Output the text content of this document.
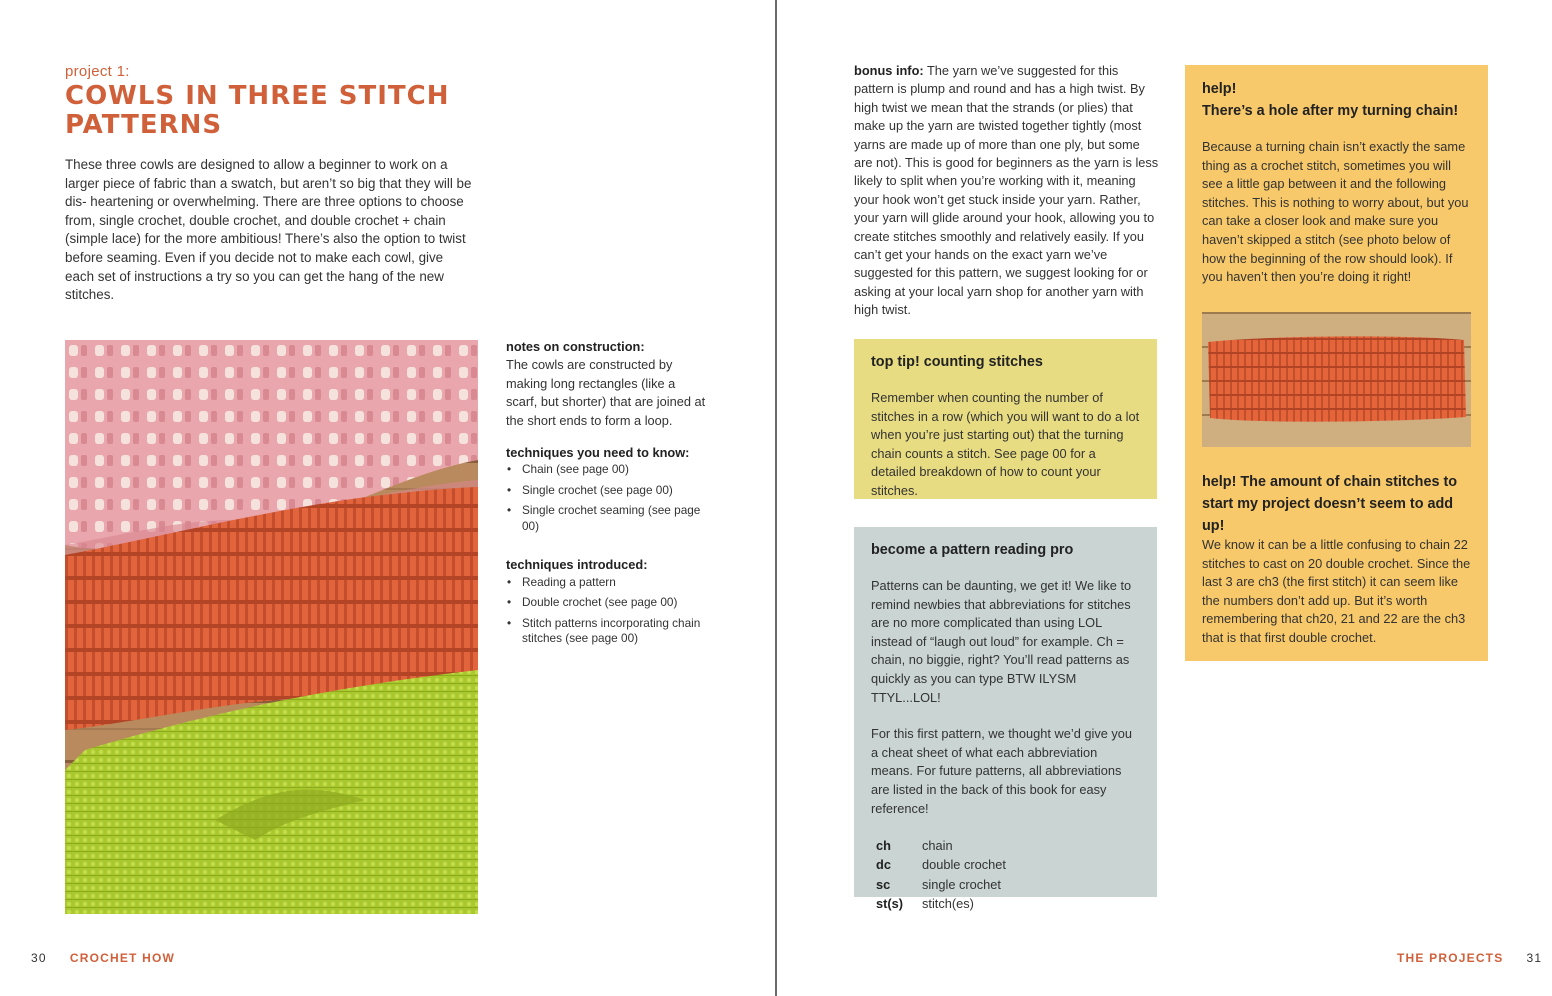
project 1:
COWLS IN THREE STITCH PATTERNS
These three cowls are designed to allow a beginner to work on a larger piece of fabric than a swatch, but aren’t so big that they will be dis- heartening or overwhelming. There are three options to choose from, single crochet, double crochet, and double crochet + chain (simple lace) for the more ambitious! There’s also the option to twist before seaming. Even if you decide not to make each cowl, give each set of instructions a try so you can get the hang of the new stitches.
notes on construction:

The cowls are constructed by making long rectangles (like a scarf, but shorter) that are joined at the short ends to form a loop.

techniques you need to know:
• Chain (see page 00)
• Single crochet (see page 00)
• Single crochet seaming (see page 00)
techniques introduced:
• Reading a pattern
• Double crochet (see page 00)
• Stitch patterns incorporating chain stitches (see page 00)
30 CROCHET HOW
bonus info: The yarn we’ve suggested for this pattern is plump and round and has a high twist. By high twist we mean that the strands (or plies) that make up the yarn are twisted together tightly (most yarns are made up of more than one ply, but some are not). This is good for beginners as the yarn is less likely to split when you’re working with it, meaning your hook won’t get stuck inside your yarn. Rather, your yarn will glide around your hook, allowing you to create stitches smoothly and relatively easily. If you can’t get your hands on the exact yarn we’ve suggested for this pattern, we suggest looking for or asking at your local yarn shop for another yarn with high twist.
top tip! counting stitches

Remember when counting the number of stitches in a row (which you will want to do a lot when you’re just starting out) that the turning chain counts a stitch. See page 00 for a detailed breakdown of how to count your stitches.

become a pattern reading pro

Patterns can be daunting, we get it! We like to remind newbies that abbreviations for stitches are no more complicated than using LOL instead of “laugh out loud” for example. Ch = chain, no biggie, right? You’ll read patterns as quickly as you can type BTW ILYSM TTYL...LOL!

For this first pattern, we thought we’d give you a cheat sheet of what each abbreviation means. For future patterns, all abbreviations are listed in the back of this book for easy reference!

ch	chain
dc	double crochet
sc	single crochet
st(s)	stitch(es)
help!
There’s a hole after my turning chain!

Because a turning chain isn’t exactly the same thing as a crochet stitch, sometimes you will see a little gap between it and the following stitches. This is nothing to worry about, but you can take a closer look and make sure you haven’t skipped a stitch (see photo below of how the beginning of the row should look). If you haven’t then you’re doing it right!

help! The amount of chain stitches to start my project doesn’t seem to add up!

We know it can be a little confusing to chain 22 stitches to cast on 20 double crochet. Since the last 3 are ch3 (the first stitch) it can seem like the numbers don’t add up. But it’s worth remembering that ch20, 21 and 22 are the ch3 that is that first double crochet.

THE PROJECTS 31
